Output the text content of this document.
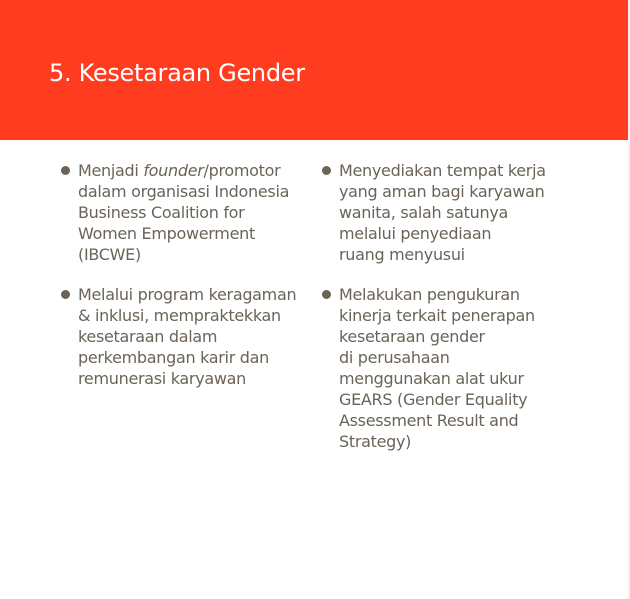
5. Kesetaraan Gender
Menjadi founder/promotor
dalam organisasi Indonesia
Business Coalition for
Women Empowerment
(IBCWE)
Melalui program keragaman
& inklusi, mempraktekkan
kesetaraan dalam
perkembangan karir dan
remunerasi karyawan
Menyediakan tempat kerja
yang aman bagi karyawan
wanita, salah satunya
melalui penyediaan
ruang menyusui
Melakukan pengukuran
kinerja terkait penerapan
kesetaraan gender
di perusahaan
menggunakan alat ukur
GEARS (Gender Equality
Assessment Result and
Strategy)
